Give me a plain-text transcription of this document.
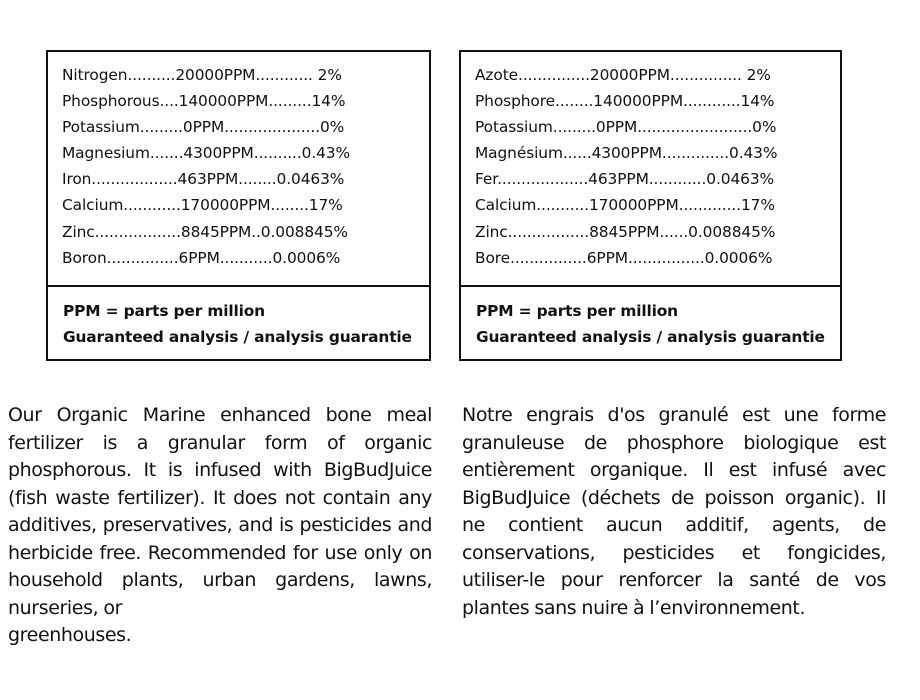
Nitrogen..........20000PPM............ 2%
Phosphorous....140000PPM.........14%
Potassium.........0PPM....................0%
Magnesium.......4300PPM..........0.43%
Iron..................463PPM........0.0463%
Calcium............170000PPM........17%
Zinc..................8845PPM..0.008845%
Boron...............6PPM...........0.0006%
PPM = parts per million
Guaranteed analysis / analysis guarantie
Azote...............20000PPM............... 2%
Phosphore........140000PPM............14%
Potassium.........0PPM........................0%
Magnésium......4300PPM..............0.43%
Fer...................463PPM............0.0463%
Calcium...........170000PPM.............17%
Zinc.................8845PPM......0.008845%
Bore................6PPM................0.0006%
PPM = parts per million
Guaranteed analysis / analysis guarantie
Our Organic Marine enhanced bone meal fertilizer is a granular form of organic phosphorous. It is infused with BigBudJuice (fish waste fertilizer). It does not contain any additives, preservatives, and is pesticides and herbicide free. Recommended for use only on household plants, urban gardens, lawns, nurseries, or
greenhouses.
Notre engrais d'os granulé est une forme granuleuse de phosphore biologique est entièrement organique. Il est infusé avec BigBudJuice (déchets de poisson organic). Il ne contient aucun additif, agents, de conservations, pesticides et fongicides, utiliser-le pour renforcer la santé de vos plantes sans nuire à l’environnement.
